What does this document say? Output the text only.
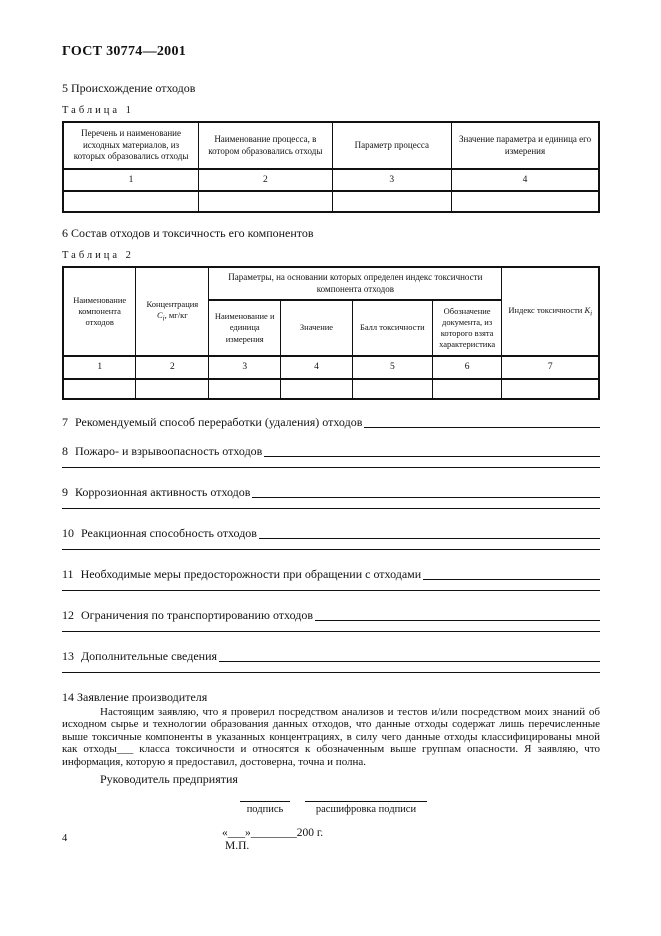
ГОСТ 30774—2001
5 Происхождение отходов
Таблица 1
Перечень и наименование исходных материалов, из которых образовались отходы	Наименование процесса, в котором образовались отходы	Параметр процесса	Значение параметра и единица его измерения
1	2	3	4

6 Состав отходов и токсичность его компонентов
Таблица 2
Наименование компонента отходов	Концентрация $С_i$, мг/кг	Параметры, на основании которых определен индекс токсичности компонента отходов				Индекс токсичности $К_i$
		Наименование и единица измерения	Значение	Балл токсичности	Обозначение документа, из которого взята характеристика	
1	2	3	4	5	6	7

7 Рекомендуемый способ переработки (удаления) отходов
8 Пожаро- и взрывоопасность отходов
9 Коррозионная активность отходов
10 Реакционная способность отходов
11 Необходимые меры предосторожности при обращении с отходами
12 Ограничения по транспортированию отходов
13 Дополнительные сведения
14 Заявление производителя

Настоящим заявляю, что я проверил посредством анализов и тестов и/или посредством моих знаний об исходном сырье и технологии образования данных отходов, что данные отходы содержат лишь перечисленные выше токсичные компоненты в указанных концентрациях, в силу чего данные отходы классифицированы мной как отходы___ класса токсичности и относятся к обозначенным выше группам опасности. Я заявляю, что информация, которую я предоставил, достоверна, точна и полна.

Руководитель предприятия
подпись	расшифровка подписи
«___»________200 г.
М.П.
4
